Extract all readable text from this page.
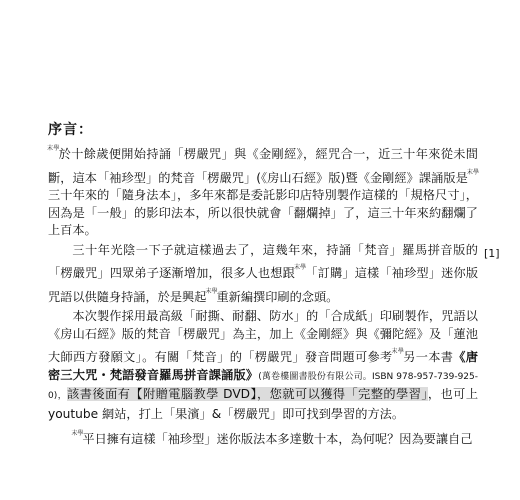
序言：

$^{末學}$於十餘歲便開始持誦「楞嚴咒」與《金剛經》，經咒合一，近三十年來從未間斷，這本「袖珍型」的梵音「楞嚴咒」(《房山石經》版)暨《金剛經》課誦版是$^{末學}$三十年來的「隨身法本」，多年來都是委託影印店特別製作這樣的「規格尺寸」，因為是「一般」的影印法本，所以很快就會「翻爛掉」了，這三十年來約翻爛了上百本。

三十年光陰一下子就這樣過去了，這幾年來，持誦「梵音」羅馬拼音版的「楞嚴咒」四眾弟子逐漸增加，很多人也想跟$^{末學}$「訂購」這樣「袖珍型」迷你版咒語以供隨身持誦，於是興起$^{末學}$重新編撰印刷的念頭。

本次製作採用最高級「耐撕、耐翻、防水」的「合成紙」印刷製作，咒語以《房山石經》版的梵音「楞嚴咒」為主，加上《金剛經》與《彌陀經》及「蓮池大師西方發願文」。有關「梵音」的「楞嚴咒」發音問題可參考$^{末學}$另一本書《唐密三大咒・梵語發音羅馬拼音課誦版》(萬卷樓圖書股份有限公司。ISBN 978-957-739-925-0)，該書後面有【附贈電腦教學 DVD】，您就可以獲得「完整的學習」，也可上 youtube 網站，打上「果濱」&「楞嚴咒」即可找到學習的方法。

$^{末學}$平日擁有這樣「袖珍型」迷你版法本多達數十本，為何呢？因為要讓自己

[1]
